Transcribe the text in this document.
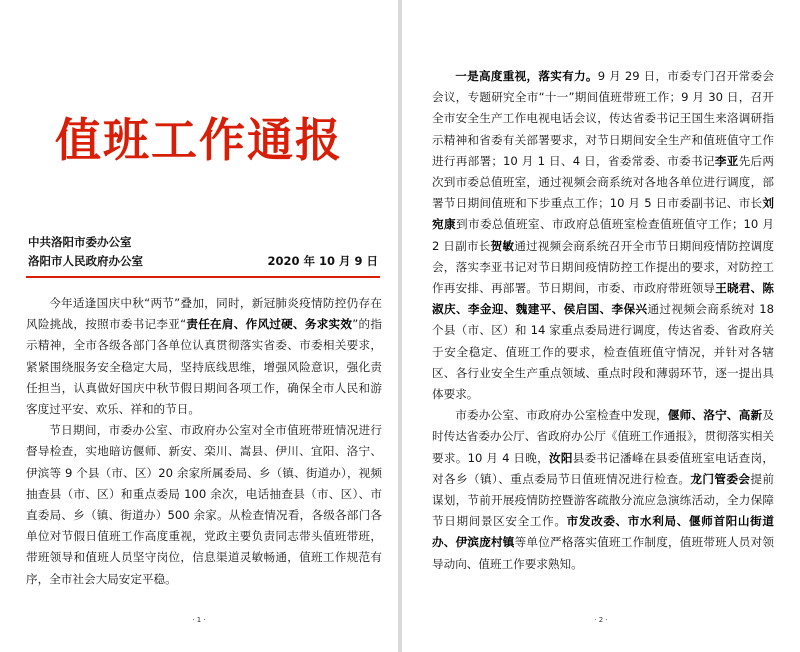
值班工作通报
中共洛阳市委办公室
洛阳市人民政府办公室	2020 年 10 月 9 日

今年适逢国庆中秋“两节”叠加，同时，新冠肺炎疫情防控仍存在风险挑战，按照市委书记李亚“责任在肩、作风过硬、务求实效”的指示精神，全市各级各部门各单位认真贯彻落实省委、市委相关要求，紧紧围绕服务安全稳定大局，坚持底线思维，增强风险意识，强化责任担当，认真做好国庆中秋节假日期间各项工作，确保全市人民和游客度过平安、欢乐、祥和的节日。

节日期间，市委办公室、市政府办公室对全市值班带班情况进行督导检查，实地暗访偃师、新安、栾川、嵩县、伊川、宜阳、洛宁、伊滨等 9 个县（市、区）20 余家所属委局、乡（镇、街道办），视频抽查县（市、区）和重点委局 100 余次，电话抽查县（市、区）、市直委局、乡（镇、街道办）500 余家。从检查情况看，各级各部门各单位对节假日值班工作高度重视，党政主要负责同志带头值班带班，带班领导和值班人员坚守岗位，信息渠道灵敏畅通，值班工作规范有序，全市社会大局安定平稳。

· 1 ·

一是高度重视，落实有力。9 月 29 日，市委专门召开常委会会议，专题研究全市“十一”期间值班带班工作；9 月 30 日，召开全市安全生产工作电视电话会议，传达省委书记王国生来洛调研指示精神和省委有关部署要求，对节日期间安全生产和值班值守工作进行再部署；10 月 1 日、4 日，省委常委、市委书记李亚先后两次到市委总值班室，通过视频会商系统对各地各单位进行调度，部署节日期间值班和下步重点工作；10 月 5 日市委副书记、市长刘宛康到市委总值班室、市政府总值班室检查值班值守工作；10 月 2 日副市长贺敏通过视频会商系统召开全市节日期间疫情防控调度会，落实李亚书记对节日期间疫情防控工作提出的要求，对防控工作再安排、再部署。节日期间，市委、市政府带班领导王晓君、陈淑庆、李金迎、魏建平、侯启国、李保兴通过视频会商系统对 18 个县（市、区）和 14 家重点委局进行调度，传达省委、省政府关于安全稳定、值班工作的要求，检查值班值守情况，并针对各辖区、各行业安全生产重点领域、重点时段和薄弱环节，逐一提出具体要求。

市委办公室、市政府办公室检查中发现，偃师、洛宁、高新及时传达省委办公厅、省政府办公厅《值班工作通报》，贯彻落实相关要求。10 月 4 日晚，汝阳县委书记潘峰在县委值班室电话查岗，对各乡（镇）、重点委局节日值班情况进行检查。龙门管委会提前谋划，节前开展疫情防控暨游客疏散分流应急演练活动，全力保障节日期间景区安全工作。市发改委、市水利局、偃师首阳山街道办、伊滨庞村镇等单位严格落实值班工作制度，值班带班人员对领导动向、值班工作要求熟知。

· 2 ·
